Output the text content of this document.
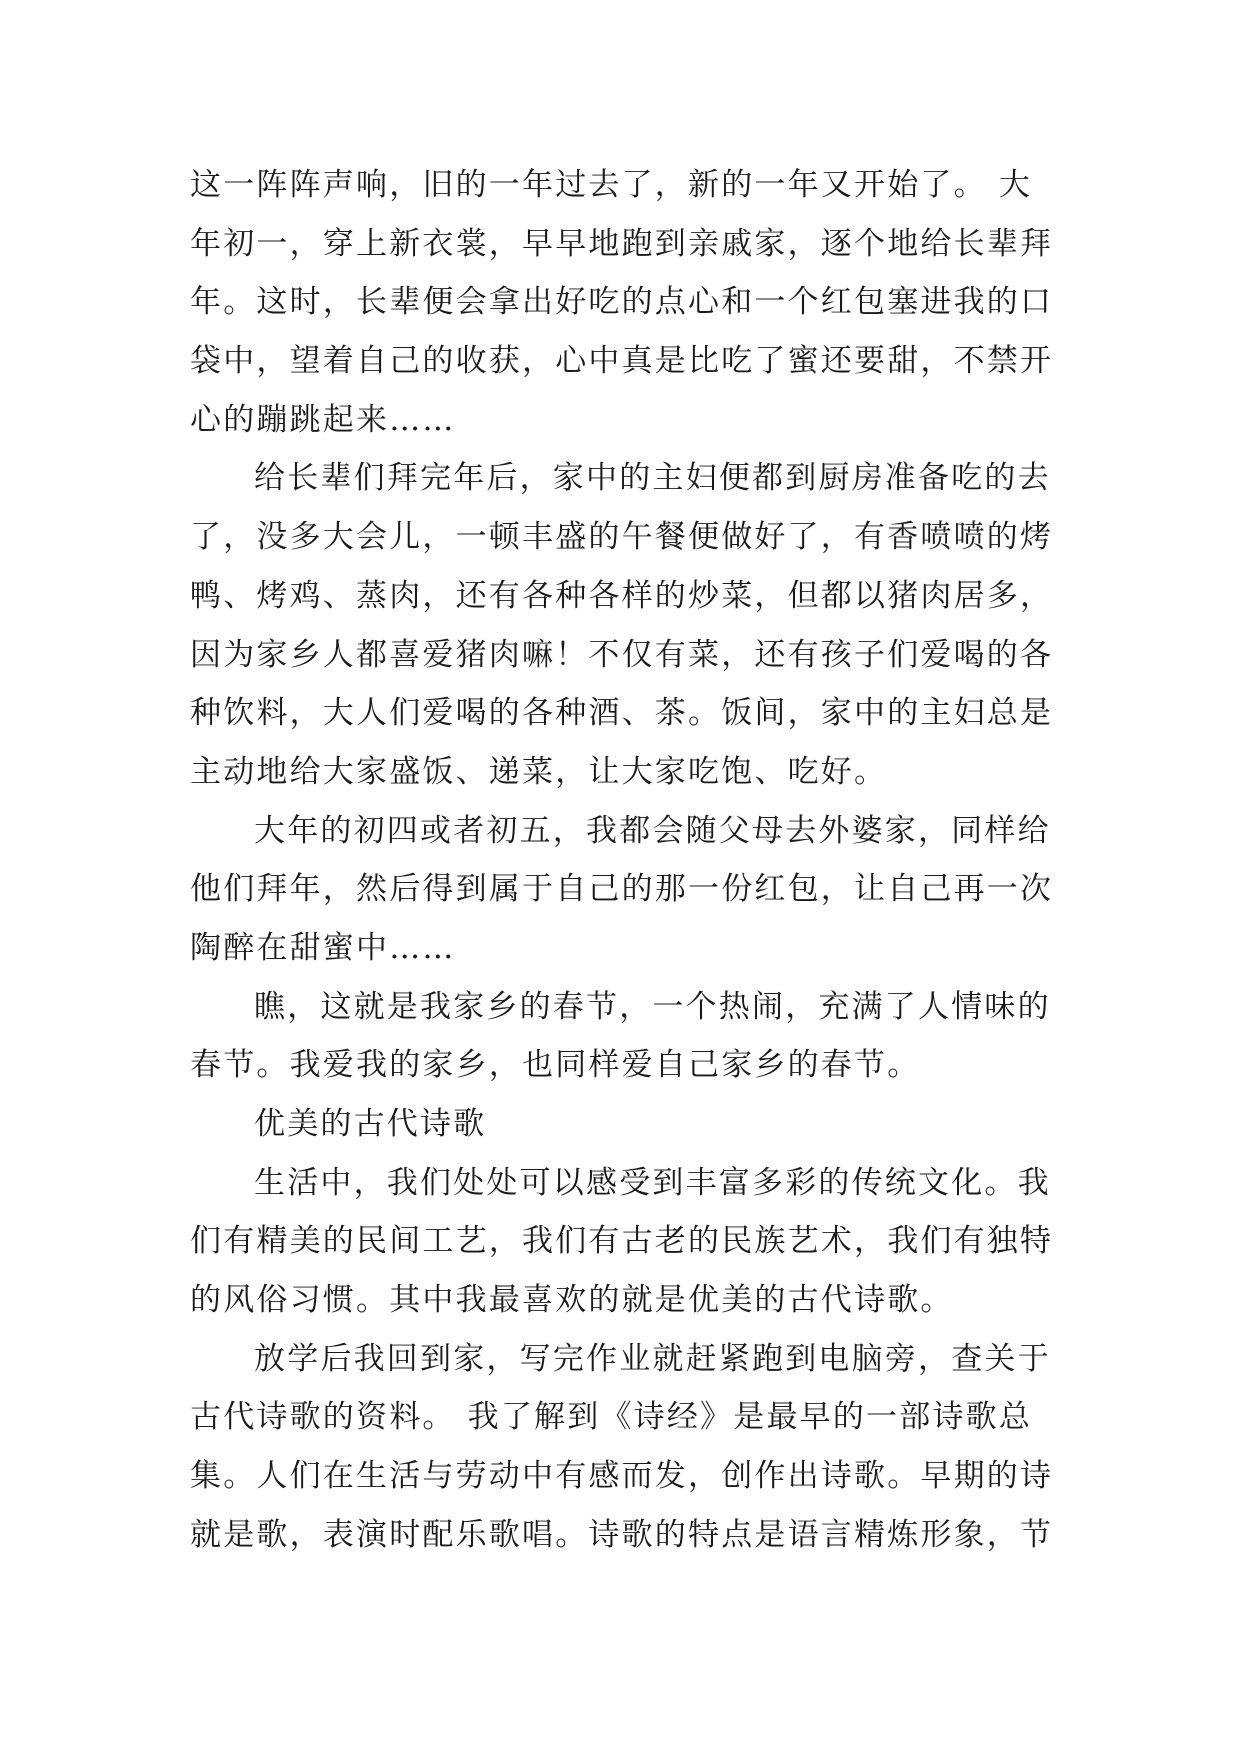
这一阵阵声响，旧的一年过去了，新的一年又开始了。 大
年初一，穿上新衣裳，早早地跑到亲戚家，逐个地给长辈拜
年。这时，长辈便会拿出好吃的点心和一个红包塞进我的口
袋中，望着自己的收获，心中真是比吃了蜜还要甜，不禁开
心的蹦跳起来……
给长辈们拜完年后，家中的主妇便都到厨房准备吃的去
了，没多大会儿，一顿丰盛的午餐便做好了，有香喷喷的烤
鸭、烤鸡、蒸肉，还有各种各样的炒菜，但都以猪肉居多，
因为家乡人都喜爱猪肉嘛！不仅有菜，还有孩子们爱喝的各
种饮料，大人们爱喝的各种酒、茶。饭间，家中的主妇总是
主动地给大家盛饭、递菜，让大家吃饱、吃好。
大年的初四或者初五，我都会随父母去外婆家，同样给
他们拜年，然后得到属于自己的那一份红包，让自己再一次
陶醉在甜蜜中……
瞧，这就是我家乡的春节，一个热闹，充满了人情味的
春节。我爱我的家乡，也同样爱自己家乡的春节。
优美的古代诗歌
生活中，我们处处可以感受到丰富多彩的传统文化。我
们有精美的民间工艺，我们有古老的民族艺术，我们有独特
的风俗习惯。其中我最喜欢的就是优美的古代诗歌。
放学后我回到家，写完作业就赶紧跑到电脑旁，查关于
古代诗歌的资料。 我了解到《诗经》是最早的一部诗歌总
集。人们在生活与劳动中有感而发，创作出诗歌。早期的诗
就是歌，表演时配乐歌唱。诗歌的特点是语言精炼形象，节
